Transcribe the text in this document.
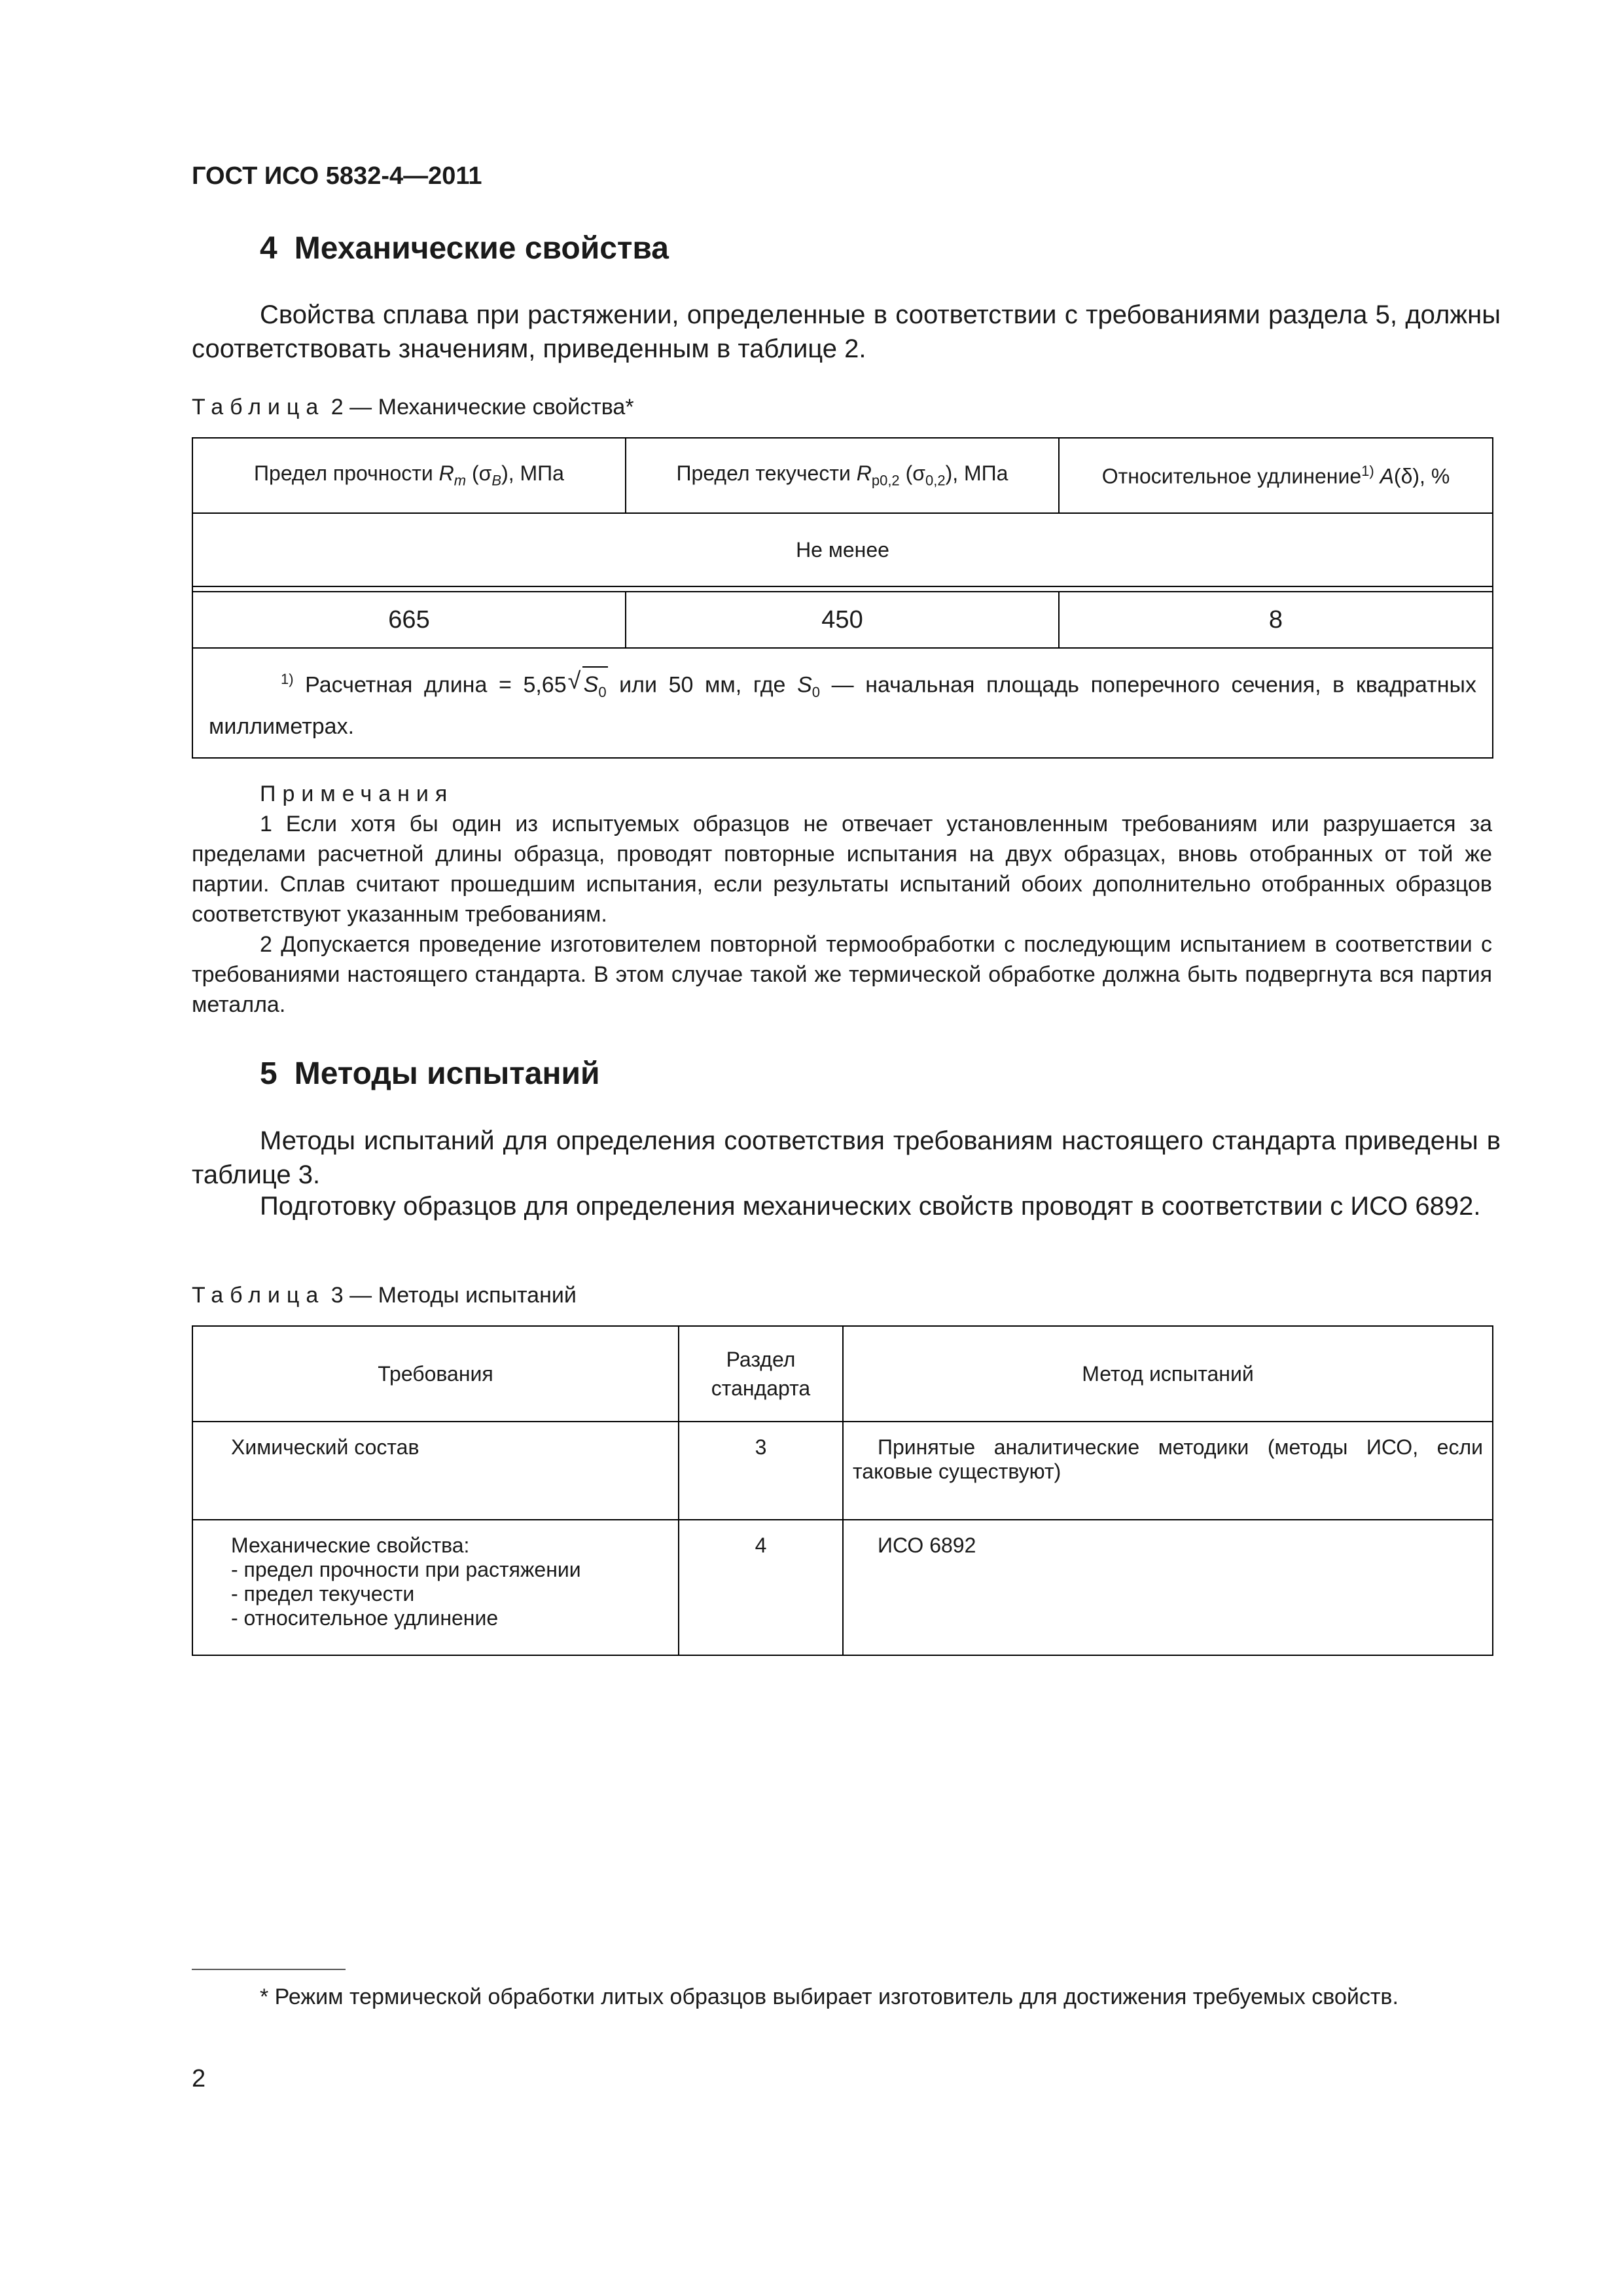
ГОСТ ИСО 5832-4—2011
4 Механические свойства
Свойства сплава при растяжении, определенные в соответствии с требованиями раздела 5, должны соответствовать значениям, приведенным в таблице 2.
Таблица 2 — Механические свойства*
Предел прочности $R_m$ $(\sigma_B)$, МПа	Предел текучести $R_{p0,2}$ $(\sigma_{0,2})$, МПа	Относительное удлинение$^{1)}$ A(δ), %
Не менее		

665	450	8
$^{1)}$ Расчетная длина = 5,65 √ $S_0$ или 50 мм, где $S_0$ — начальная площадь поперечного сечения, в квадратных миллиметрах.
Примечания

1 Если хотя бы один из испытуемых образцов не отвечает установленным требованиям или разрушается за пределами расчетной длины образца, проводят повторные испытания на двух образцах, вновь отобранных от той же партии. Сплав считают прошедшим испытания, если результаты испытаний обоих дополнительно отобранных образцов соответствуют указанным требованиям.

2 Допускается проведение изготовителем повторной термообработки с последующим испытанием в соответствии с требованиями настоящего стандарта. В этом случае такой же термической обработке должна быть подвергнута вся партия металла.

5 Методы испытаний
Методы испытаний для определения соответствия требованиям настоящего стандарта приведены в таблице 3.
Подготовку образцов для определения механических свойств проводят в соответствии с ИСО 6892.
Таблица 3 — Методы испытаний
Требования	Раздел стандарта	Метод испытаний
Химический состав	3	Принятые аналитические методики (методы ИСО, если таковые существуют)

Механические свойства:
- предел прочности при растяжении
- предел текучести
- относительное удлинение	4	ИСО 6892
* Режим термической обработки литых образцов выбирает изготовитель для достижения требуемых свойств.
2
